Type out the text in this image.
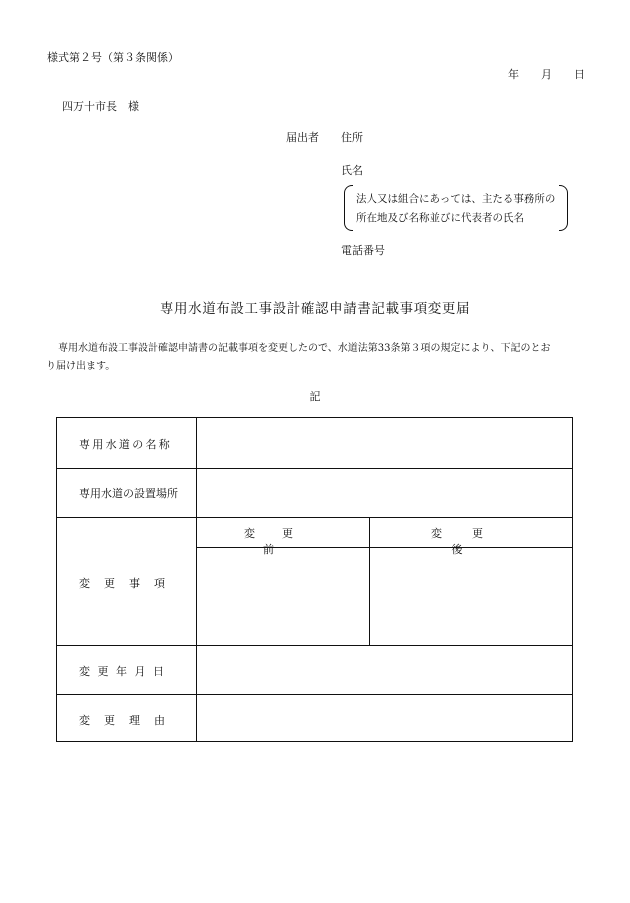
様式第２号（第３条関係）
年 月 日
四万十市長　様
届出者 住所
氏名
法人又は組合にあっては、主たる事務所の
所在地及び名称並びに代表者の氏名
電話番号
専用水道布設工事設計確認申請書記載事項変更届
専用水道布設工事設計確認申請書の記載事項を変更したので、水道法第33条第３項の規定により、下記のとお
り届け出ます。
記
専用水道の名称
専用水道の設置場所
変更前
変更後
変更事項
変更年月日
変更理由
